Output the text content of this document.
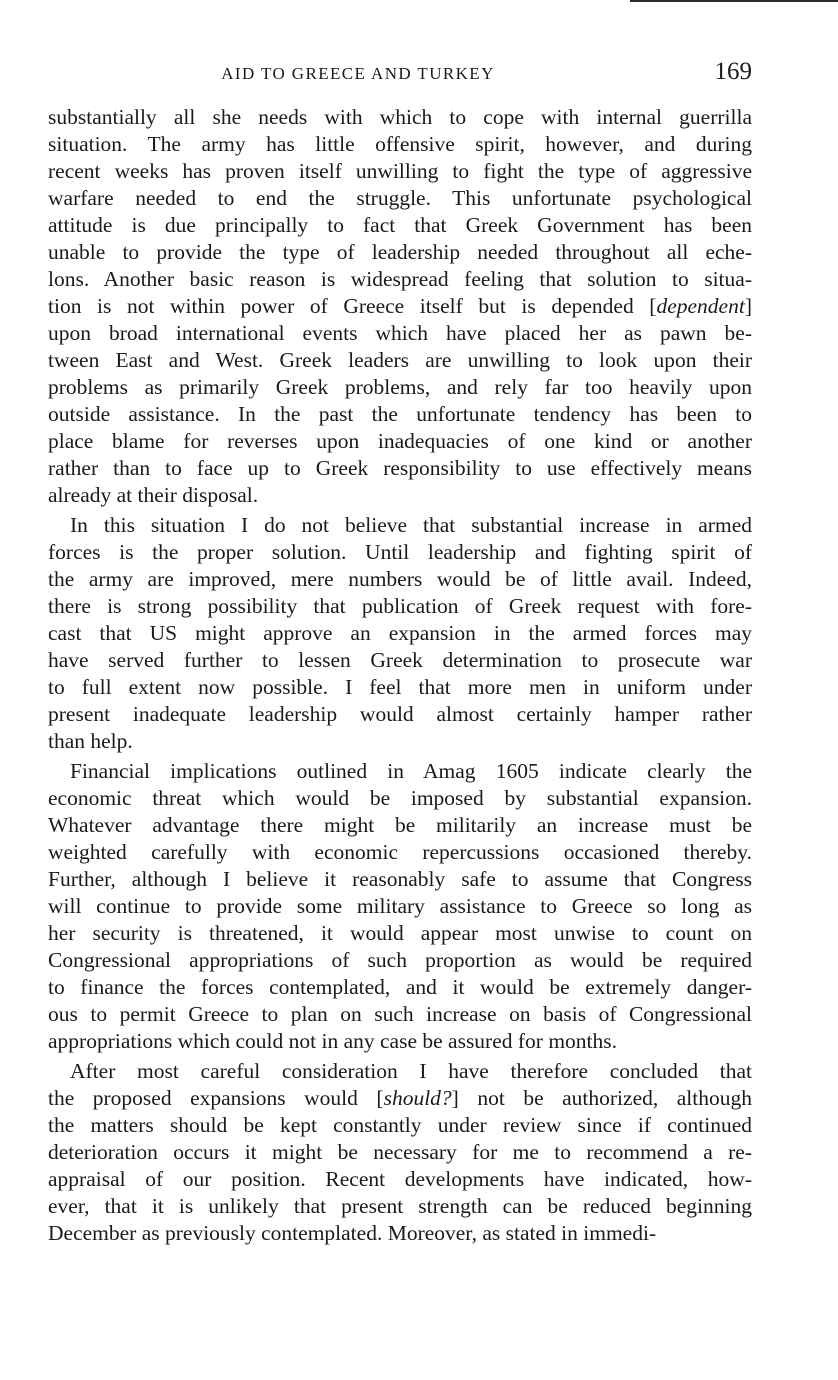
AID TO GREECE AND TURKEY	169

substantially all she needs with which to cope with internal guerrilla
situation. The army has little offensive spirit, however, and during
recent weeks has proven itself unwilling to fight the type of aggressive
warfare needed to end the struggle. This unfortunate psychological
attitude is due principally to fact that Greek Government has been
unable to provide the type of leadership needed throughout all eche-
lons. Another basic reason is widespread feeling that solution to situa-
tion is not within power of Greece itself but is depended [dependent]
upon broad international events which have placed her as pawn be-
tween East and West. Greek leaders are unwilling to look upon their
problems as primarily Greek problems, and rely far too heavily upon
outside assistance. In the past the unfortunate tendency has been to
place blame for reverses upon inadequacies of one kind or another
rather than to face up to Greek responsibility to use effectively means
already at their disposal.

In this situation I do not believe that substantial increase in armed
forces is the proper solution. Until leadership and fighting spirit of
the army are improved, mere numbers would be of little avail. Indeed,
there is strong possibility that publication of Greek request with fore-
cast that US might approve an expansion in the armed forces may
have served further to lessen Greek determination to prosecute war
to full extent now possible. I feel that more men in uniform under
present inadequate leadership would almost certainly hamper rather
than help.

Financial implications outlined in Amag 1605 indicate clearly the
economic threat which would be imposed by substantial expansion.
Whatever advantage there might be militarily an increase must be
weighted carefully with economic repercussions occasioned thereby.
Further, although I believe it reasonably safe to assume that Congress
will continue to provide some military assistance to Greece so long as
her security is threatened, it would appear most unwise to count on
Congressional appropriations of such proportion as would be required
to finance the forces contemplated, and it would be extremely danger-
ous to permit Greece to plan on such increase on basis of Congressional
appropriations which could not in any case be assured for months.

After most careful consideration I have therefore concluded that
the proposed expansions would [should?] not be authorized, although
the matters should be kept constantly under review since if continued
deterioration occurs it might be necessary for me to recommend a re-
appraisal of our position. Recent developments have indicated, how-
ever, that it is unlikely that present strength can be reduced beginning
December as previously contemplated. Moreover, as stated in immedi-
